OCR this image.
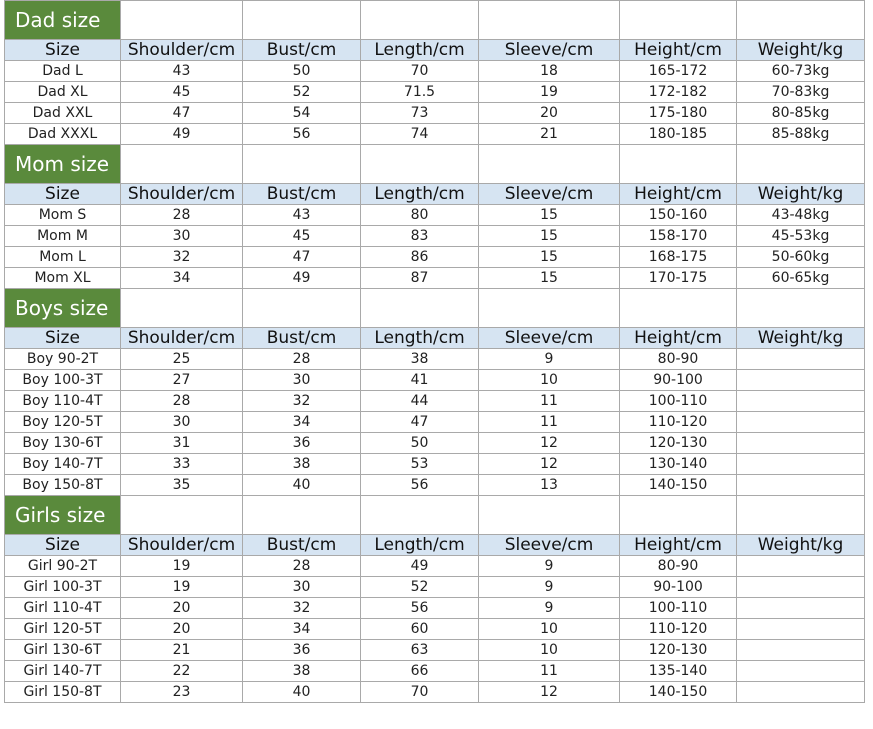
Dad size						
Size	Shoulder/cm	Bust/cm	Length/cm	Sleeve/cm	Height/cm	Weight/kg
Dad L	43	50	70	18	165-172	60-73kg
Dad XL	45	52	71.5	19	172-182	70-83kg
Dad XXL	47	54	73	20	175-180	80-85kg
Dad XXXL	49	56	74	21	180-185	85-88kg
Mom size						
Size	Shoulder/cm	Bust/cm	Length/cm	Sleeve/cm	Height/cm	Weight/kg
Mom S	28	43	80	15	150-160	43-48kg
Mom M	30	45	83	15	158-170	45-53kg
Mom L	32	47	86	15	168-175	50-60kg
Mom XL	34	49	87	15	170-175	60-65kg
Boys size						
Size	Shoulder/cm	Bust/cm	Length/cm	Sleeve/cm	Height/cm	Weight/kg
Boy 90-2T	25	28	38	9	80-90	
Boy 100-3T	27	30	41	10	90-100	
Boy 110-4T	28	32	44	11	100-110	
Boy 120-5T	30	34	47	11	110-120	
Boy 130-6T	31	36	50	12	120-130	
Boy 140-7T	33	38	53	12	130-140	
Boy 150-8T	35	40	56	13	140-150	
Girls size						
Size	Shoulder/cm	Bust/cm	Length/cm	Sleeve/cm	Height/cm	Weight/kg
Girl 90-2T	19	28	49	9	80-90	
Girl 100-3T	19	30	52	9	90-100	
Girl 110-4T	20	32	56	9	100-110	
Girl 120-5T	20	34	60	10	110-120	
Girl 130-6T	21	36	63	10	120-130	
Girl 140-7T	22	38	66	11	135-140	
Girl 150-8T	23	40	70	12	140-150	
